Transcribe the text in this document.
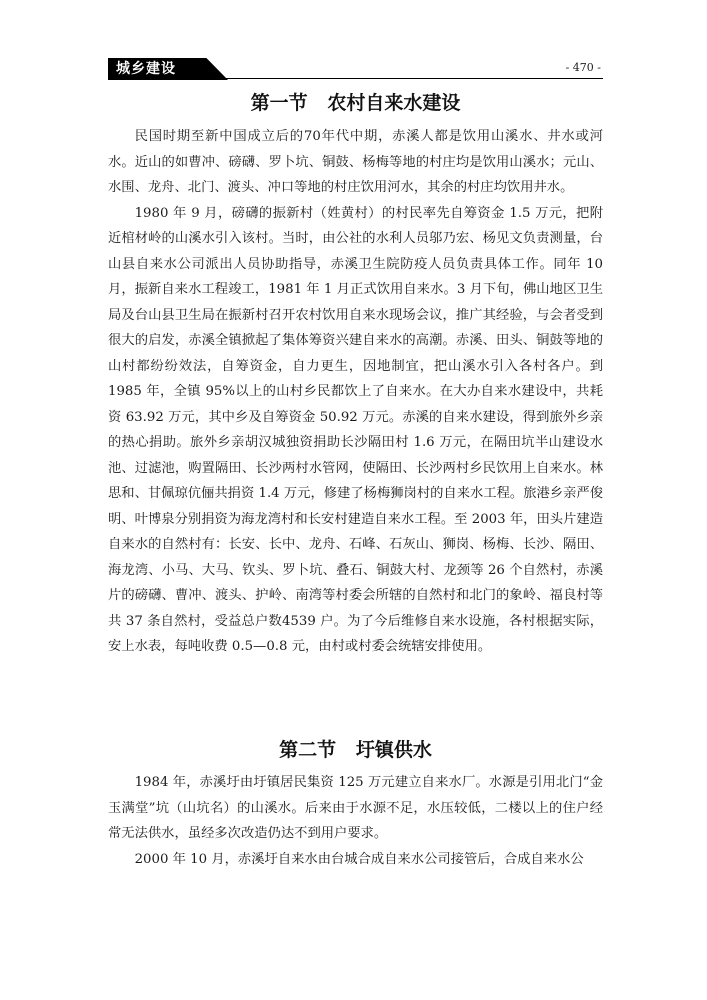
城乡建设	- 470 -
第一节   农村自来水建设

民国时期至新中国成立后的70年代中期，赤溪人都是饮用山溪水、井水或河水。近山的如曹冲、磅礴、罗卜坑、铜鼓、杨梅等地的村庄均是饮用山溪水；元山、水围、龙舟、北门、渡头、冲口等地的村庄饮用河水，其余的村庄均饮用井水。

1980 年 9 月，磅礴的振新村（姓黄村）的村民率先自筹资金 1.5 万元，把附近棺材岭的山溪水引入该村。当时，由公社的水利人员邬乃宏、杨见文负责测量，台山县自来水公司派出人员协助指导，赤溪卫生院防疫人员负责具体工作。同年 10 月，振新自来水工程竣工，1981 年 1 月正式饮用自来水。3 月下旬，佛山地区卫生局及台山县卫生局在振新村召开农村饮用自来水现场会议，推广其经验，与会者受到很大的启发，赤溪全镇掀起了集体筹资兴建自来水的高潮。赤溪、田头、铜鼓等地的山村都纷纷效法，自筹资金，自力更生，因地制宜，把山溪水引入各村各户。到 1985 年，全镇 95%以上的山村乡民都饮上了自来水。在大办自来水建设中，共耗资 63.92 万元，其中乡及自筹资金 50.92 万元。赤溪的自来水建设，得到旅外乡亲的热心捐助。旅外乡亲胡汉城独资捐助长沙隔田村 1.6 万元，在隔田坑半山建设水池、过滤池，购置隔田、长沙两村水管网，使隔田、长沙两村乡民饮用上自来水。林思和、甘佩琼伉俪共捐资 1.4 万元，修建了杨梅狮岗村的自来水工程。旅港乡亲严俊明、叶博泉分别捐资为海龙湾村和长安村建造自来水工程。至 2003 年，田头片建造自来水的自然村有：长安、长中、龙舟、石峰、石灰山、狮岗、杨梅、长沙、隔田、海龙湾、小马、大马、钦头、罗卜坑、叠石、铜鼓大村、龙颈等 26 个自然村，赤溪片的磅礴、曹冲、渡头、护岭、南湾等村委会所辖的自然村和北门的象岭、福良村等共 37 条自然村，受益总户数4539 户。为了今后维修自来水设施，各村根据实际，安上水表，每吨收费 0.5—0.8 元，由村或村委会统辖安排使用。

第二节   圩镇供水

1984 年，赤溪圩由圩镇居民集资 125 万元建立自来水厂。水源是引用北门“金玉满堂”坑（山坑名）的山溪水。后来由于水源不足，水压较低，二楼以上的住户经常无法供水，虽经多次改造仍达不到用户要求。

2000 年 10 月，赤溪圩自来水由台城合成自来水公司接管后，合成自来水公
